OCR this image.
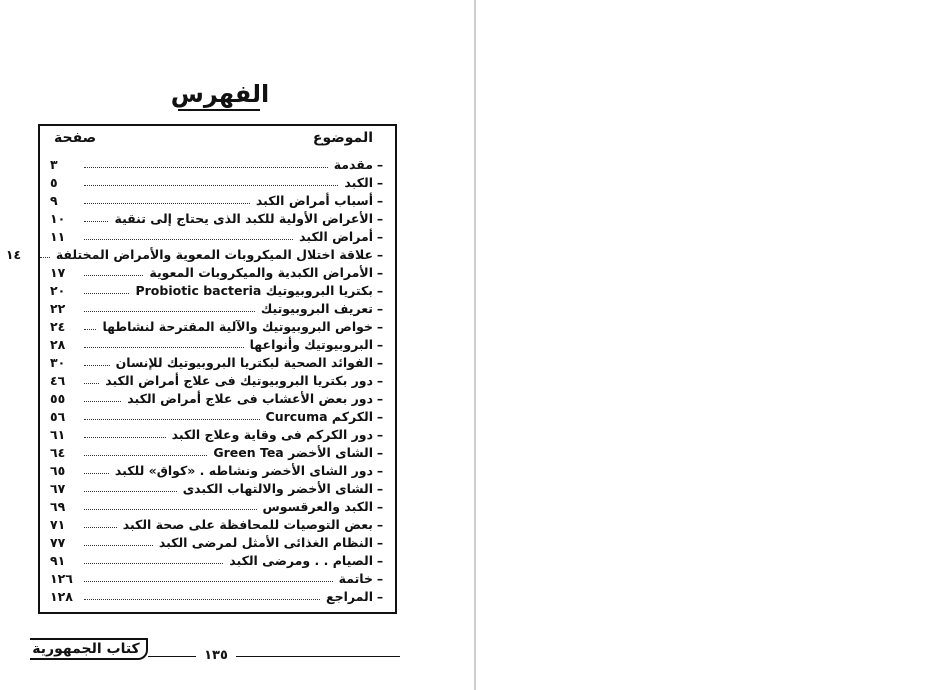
الفهرس
الموضوع
صفحة
–
مقدمة
٣
–
الكبد
٥
–
أسباب أمراض الكبد
٩
–
الأعراض الأولية للكبد الذى يحتاج إلى تنقية
١٠
–
أمراض الكبد
١١
–
علاقة اختلال الميكروبات المعوية والأمراض المختلفة
١٤
–
الأمراض الكبدية والميكروبات المعوية
١٧
–
بكتريا البروبيوتيك Probiotic bacteria
٢٠
–
تعريف البروبيوتيك
٢٢
–
خواص البروبيوتيك والآلية المقترحة لنشاطها
٢٤
–
البروبيوتيك وأنواعها
٢٨
–
الفوائد الصحية لبكتريا البروبيوتيك للإنسان
٣٠
–
دور بكتريا البروبيوتيك فى علاج أمراض الكبد
٤٦
–
دور بعض الأعشاب فى علاج أمراض الكبد
٥٥
–
الكركم Curcuma
٥٦
–
دور الكركم فى وقاية وعلاج الكبد
٦١
–
الشاى الأخضر Green Tea
٦٤
–
دور الشاى الأخضر ونشاطه . «كواق» للكبد
٦٥
–
الشاى الأخضر والالتهاب الكبدى
٦٧
–
الكبد والعرقسوس
٦٩
–
بعض التوصيات للمحافظة على صحة الكبد
٧١
–
النظام الغذائى الأمثل لمرضى الكبد
٧٧
–
الصيام . . ومرضى الكبد
٩١
–
خاتمة
١٢٦
–
المراجع
١٢٨
١٣٥
كتاب الجمهورية
